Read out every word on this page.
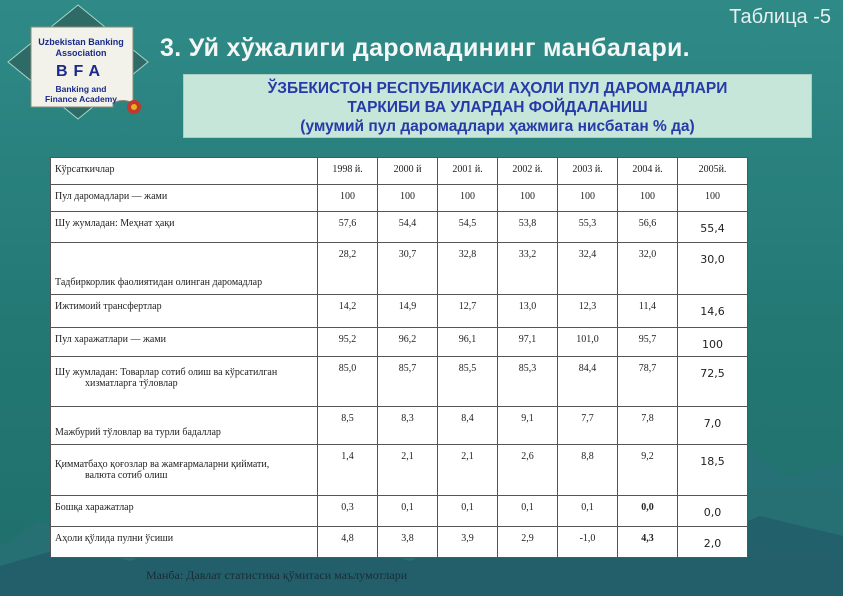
Таблица -5
Uzbekistan Banking
Association
BFA
Banking and
Finance Academy
3. Уй хўжалиги даромадининг манбалари.
ЎЗБЕКИСТОН РЕСПУБЛИКАСИ АҲОЛИ ПУЛ ДАРОМАДЛАРИ
ТАРКИБИ ВА УЛАРДАН ФОЙДАЛАНИШ
(умумий пул даромадлари ҳажмига нисбатан % да)
Кўрсаткичлар	1998 й.	2000 й	2001 й.	2002 й.	2003 й.	2004 й.	2005й.
Пул даромадлари — жами	100	100	100	100	100	100	100
Шу жумладан: Меҳнат ҳақи	57,6	54,4	54,5	53,8	55,3	56,6	55,4
Тадбиркорлик фаолиятидан олинган даромадлар	28,2	30,7	32,8	33,2	32,4	32,0	30,0
Ижтимоий трансфертлар	14,2	14,9	12,7	13,0	12,3	11,4	14,6
Пул харажатлари — жами	95,2	96,2	96,1	97,1	101,0	95,7	100

Шу жумладан: Товарлар сотиб олиш ва кўрсатилган
хизматларга тўловлар	85,0	85,7	85,5	85,3	84,4	78,7	72,5
Мажбурий тўловлар ва турли бадаллар	8,5	8,3	8,4	9,1	7,7	7,8	7,0

Қимматбаҳо қоғозлар ва жамғармаларни қиймати,
валюта сотиб олиш	1,4	2,1	2,1	2,6	8,8	9,2	18,5
Бошқа харажатлар	0,3	0,1	0,1	0,1	0,1	0,0	0,0
Аҳоли қўлида пулни ўсиши	4,8	3,8	3,9	2,9	-1,0	4,3	2,0
Манба: Давлат статистика қўмитаси маълумотлари
